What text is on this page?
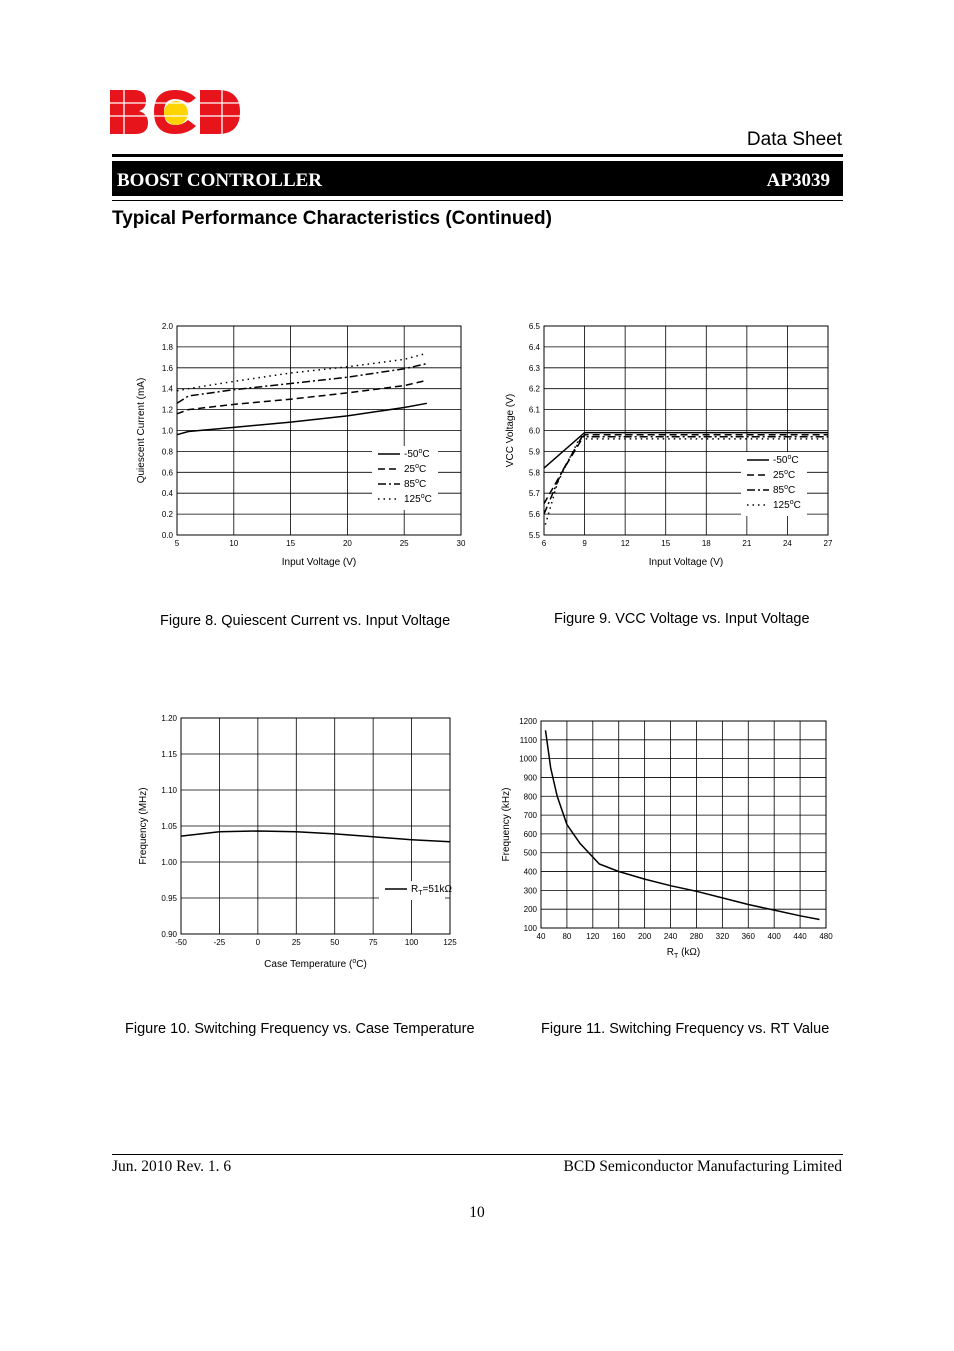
Data Sheet
BOOST CONTROLLER	AP3039
Typical Performance Characteristics (Continued)
5	10	15	20	25	30
0.0
0.2
0.4
0.6
0.8
1.0
1.2
1.4
1.6
1.8
2.0
Input Voltage (V)
Quiescent Current (mA)	-50$^o$C
25$^o$C
85$^o$C
125$^o$C
6	9	12	15	18	21	24	27
5.5
5.6
5.7
5.8
5.9
6.0
6.1
6.2
6.3
6.4
6.5
Input Voltage (V)
VCC Voltage (V)	-50$^o$C
25$^o$C
85$^o$C
125$^o$C
-50	-25	0	25	50	75	100	125
0.90
0.95
1.00
1.05
1.10
1.15
1.20
Case Temperature ($^o$C)
Frequency (MHz)
$R_T=51k\Omega$
40 80 120 160 200 240 280 320 360 400 440 480
100
200
300
400
500
600
700
800
900
1000
1100
1200
$R_T$ (kΩ)
Frequency (kHz)
Figure 8. Quiescent Current vs. Input Voltage	Figure 9. VCC Voltage vs. Input Voltage
Figure 10. Switching Frequency vs. Case Temperature	Figure 11. Switching Frequency vs. RT Value
Jun. 2010 Rev. 1. 6	BCD Semiconductor Manufacturing Limited
10
